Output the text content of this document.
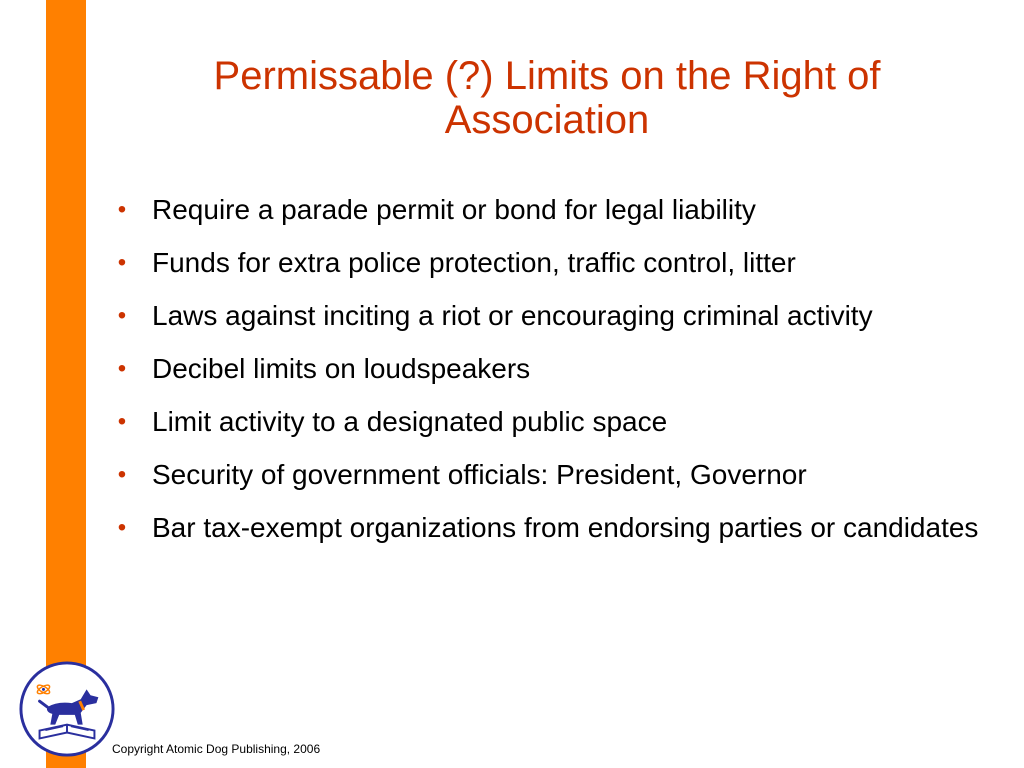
Permissable (?) Limits on the Right of Association
• Require a parade permit or bond for legal liability
• Funds for extra police protection, traffic control, litter
• Laws against inciting a riot or encouraging criminal activity
• Decibel limits on loudspeakers
• Limit activity to a designated public space
• Security of government officials: President, Governor
• Bar tax-exempt organizations from endorsing parties or candidates
Copyright Atomic Dog Publishing, 2006
